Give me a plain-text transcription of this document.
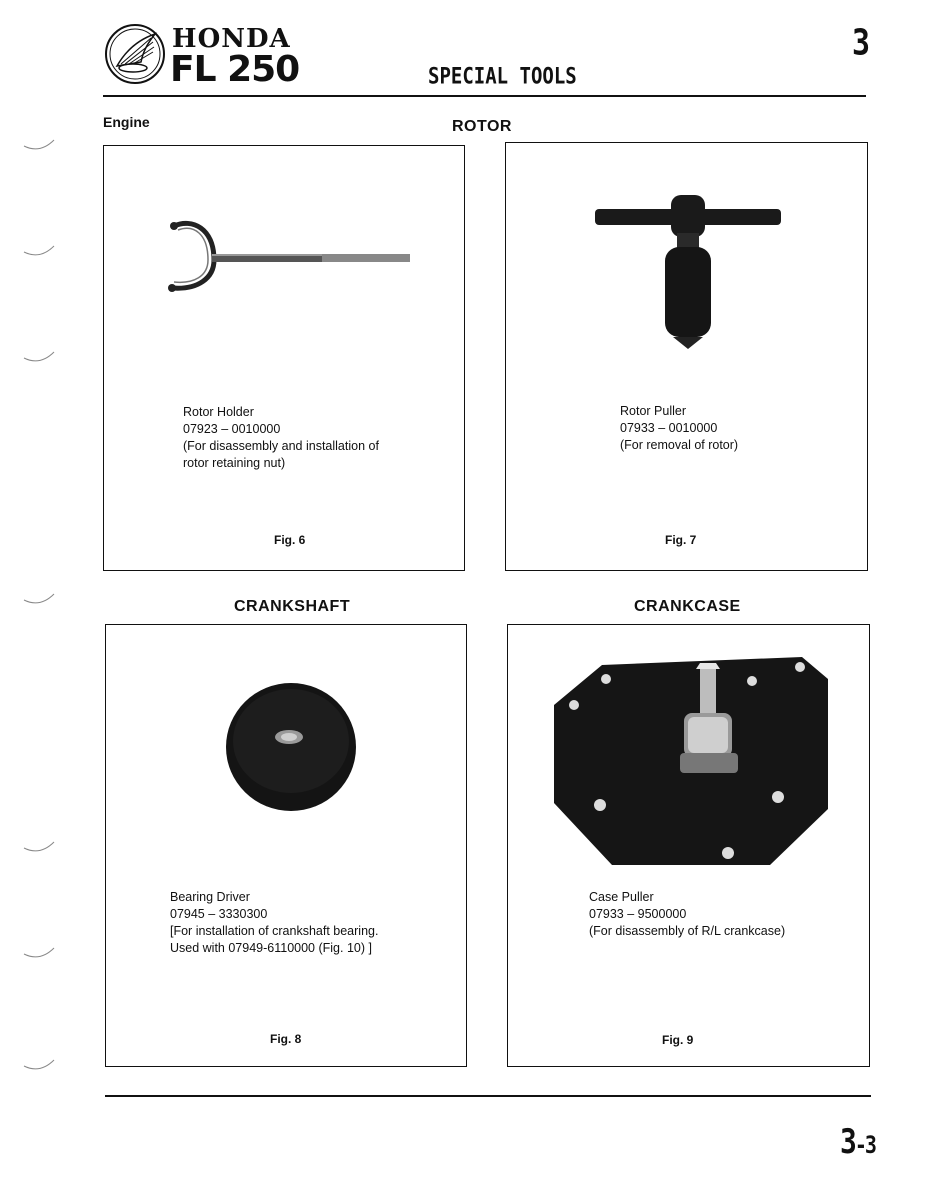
HONDA
FL 250	SPECIAL TOOLS
3
Engine	ROTOR
CRANKSHAFT	CRANKCASE
Rotor Holder
07923 – 0010000
(For disassembly and installation of
rotor retaining nut)
Fig. 6
Rotor Puller
07933 – 0010000
(For removal of rotor)
Fig. 7
Bearing Driver
07945 – 3330300
[For installation of crankshaft bearing.
Used with 07949-6110000 (Fig. 10) ]
Fig. 8
Case Puller
07933 – 9500000
(For disassembly of R/L crankcase)
Fig. 9
3-3
